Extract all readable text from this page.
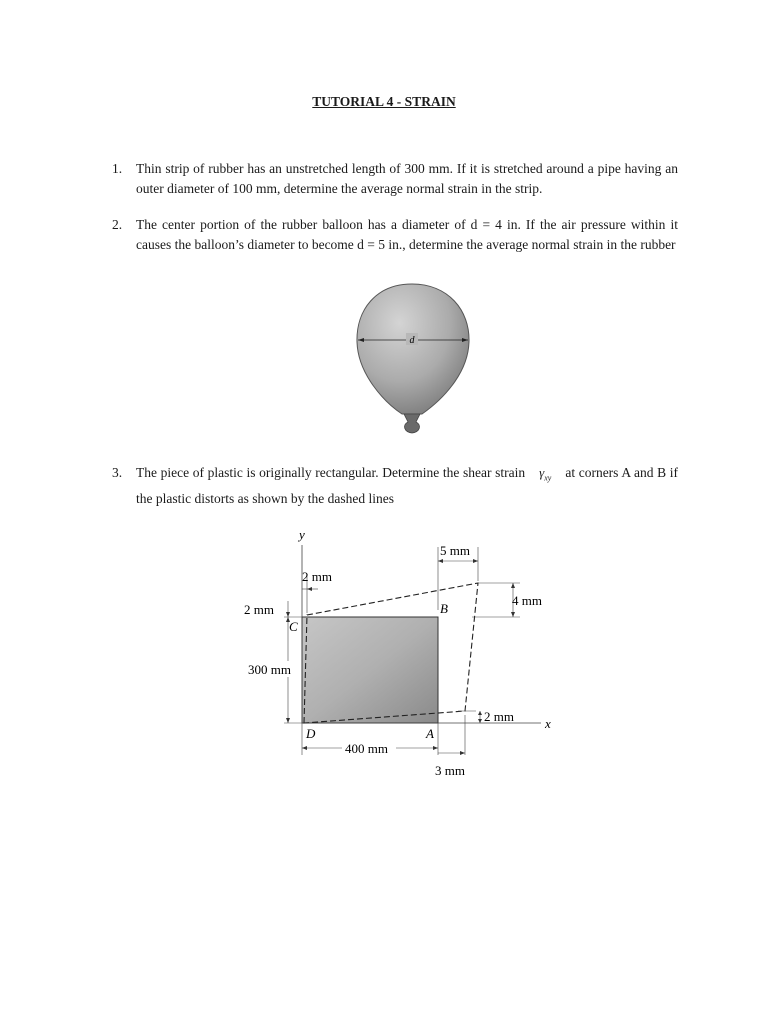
TUTORIAL 4 - STRAIN
1. Thin strip of rubber has an unstretched length of 300 mm. If it is stretched around a pipe having an outer diameter of 100 mm, determine the average normal strain in the strip.
2. The center portion of the rubber balloon has a diameter of d = 4 in. If the air pressure within it causes the balloon’s diameter to become d = 5 in., determine the average normal strain in the rubber
3. The piece of plastic is originally rectangular. Determine the shear strain $\gamma_{xy}$ at corners A and B if the plastic distorts as shown by the dashed lines
d
y
x
C
B
D	A
5 mm
2 mm
2 mm
4 mm
300 mm
2 mm
400 mm
3 mm
